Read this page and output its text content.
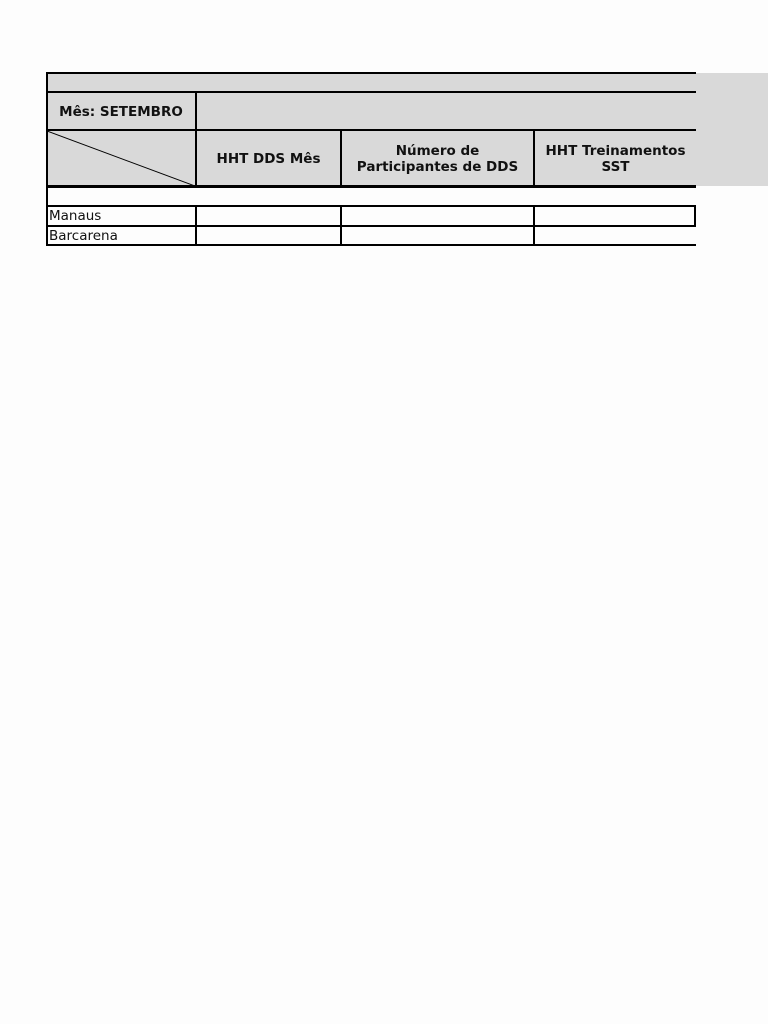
Mês: SETEMBRO
HHT DDS Mês	Número de Participantes de DDS
HHT Treinamentos SST
Manaus
Barcarena
